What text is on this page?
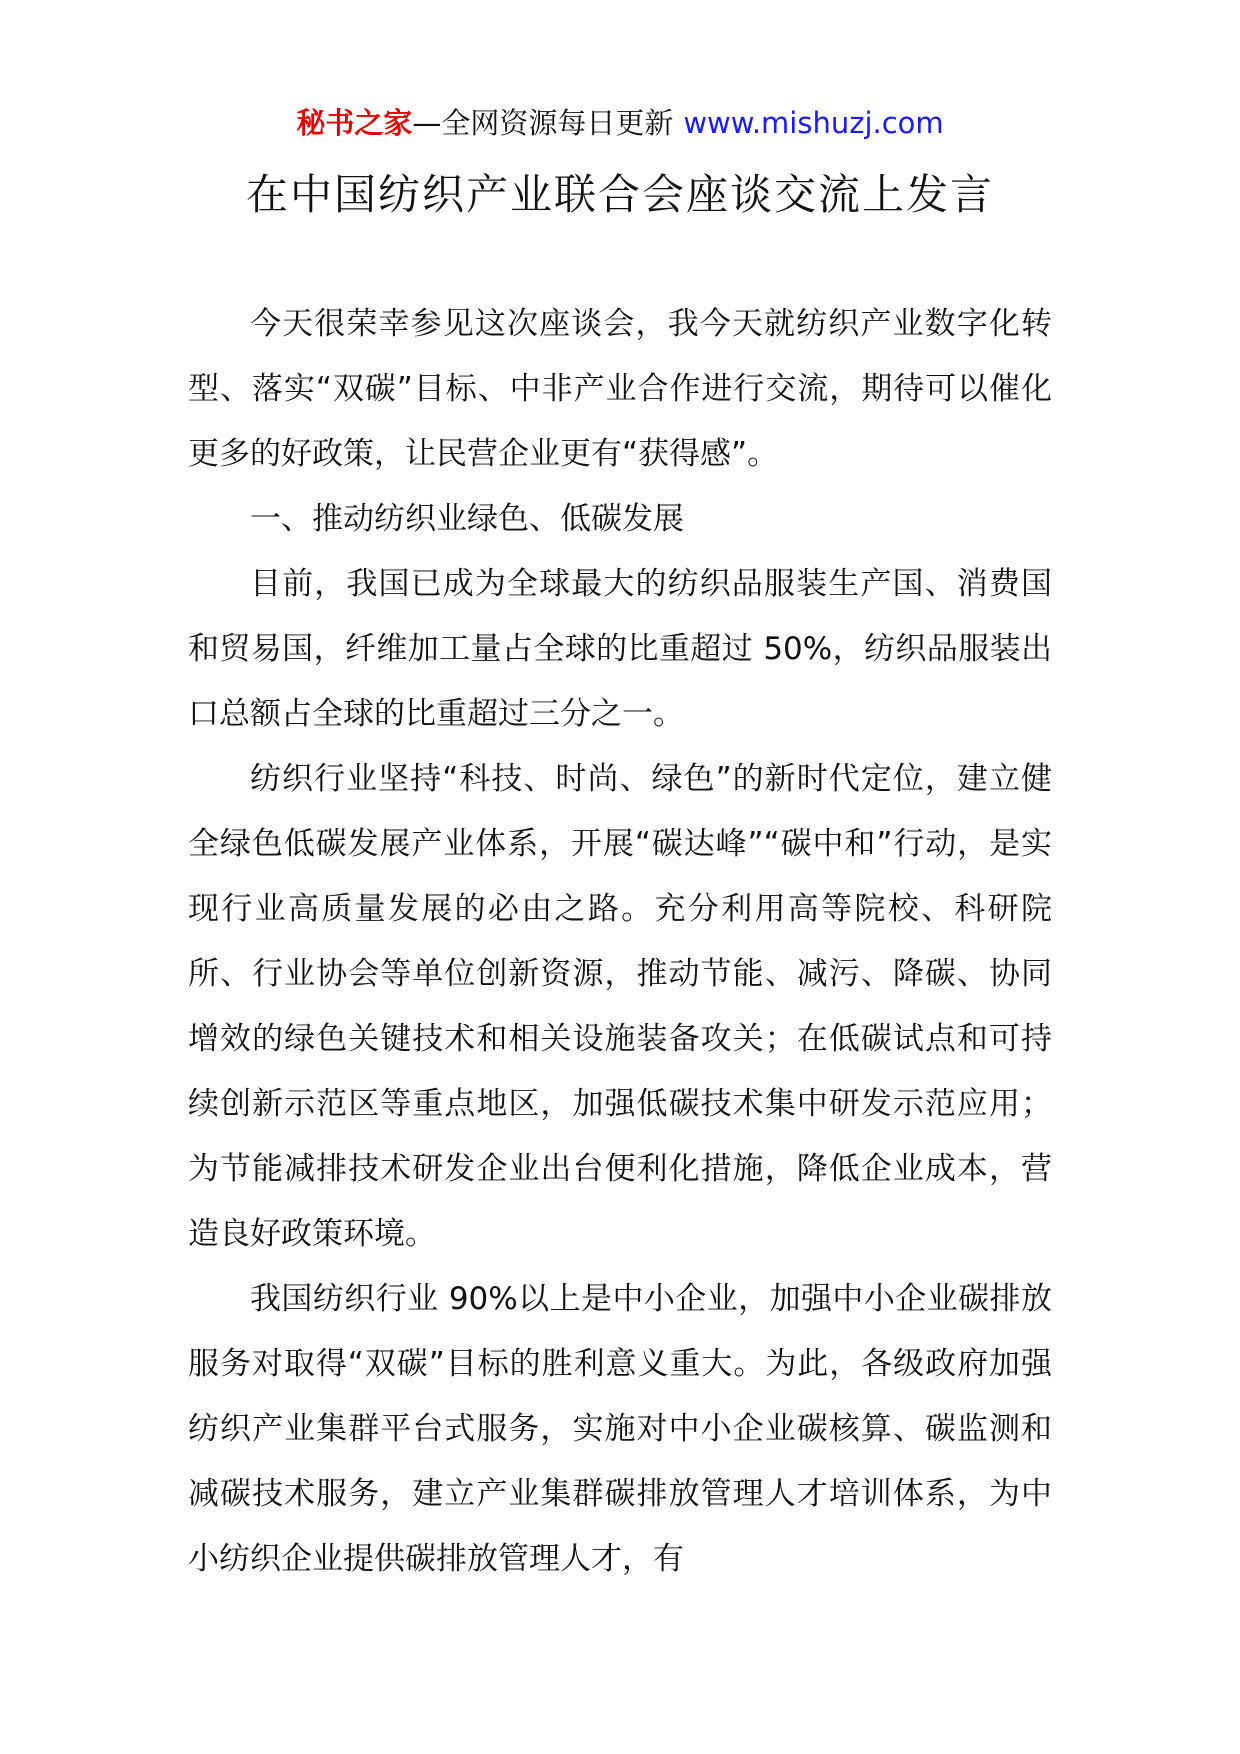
秘书之家—全网资源每日更新 www.mishuzj.com
在中国纺织产业联合会座谈交流上发言

今天很荣幸参见这次座谈会，我今天就纺织产业数字化转型、落实“双碳”目标、中非产业合作进行交流，期待可以催化更多的好政策，让民营企业更有“获得感”。

一、推动纺织业绿色、低碳发展

目前，我国已成为全球最大的纺织品服装生产国、消费国和贸易国，纤维加工量占全球的比重超过 50%，纺织品服装出口总额占全球的比重超过三分之一。

纺织行业坚持“科技、时尚、绿色”的新时代定位，建立健全绿色低碳发展产业体系，开展“碳达峰”“碳中和”行动，是实现行业高质量发展的必由之路。充分利用高等院校、科研院所、行业协会等单位创新资源，推动节能、减污、降碳、协同增效的绿色关键技术和相关设施装备攻关；在低碳试点和可持续创新示范区等重点地区，加强低碳技术集中研发示范应用；为节能减排技术研发企业出台便利化措施，降低企业成本，营造良好政策环境。

我国纺织行业 90%以上是中小企业，加强中小企业碳排放服务对取得“双碳”目标的胜利意义重大。为此，各级政府加强纺织产业集群平台式服务，实施对中小企业碳核算、碳监测和减碳技术服务，建立产业集群碳排放管理人才培训体系，为中小纺织企业提供碳排放管理人才，有
